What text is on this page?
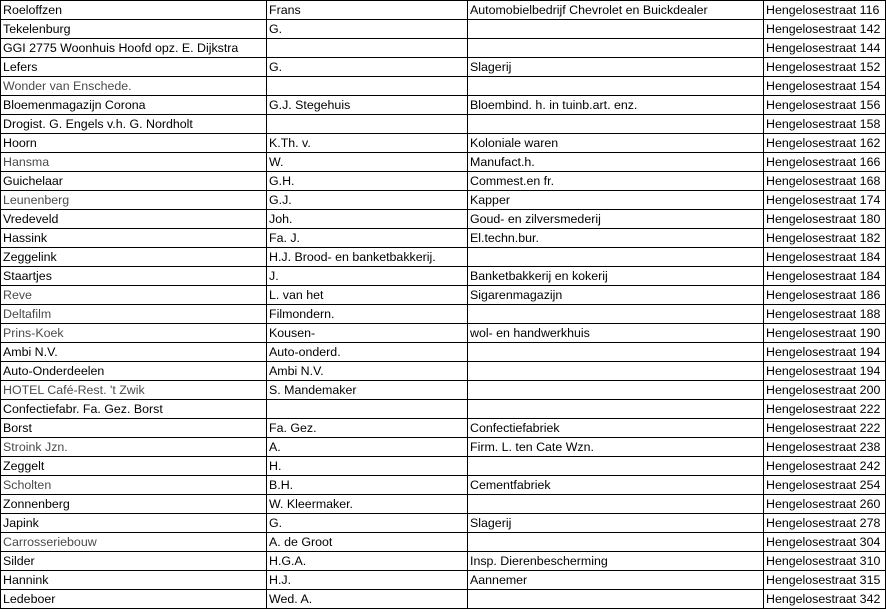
Roeloffzen	Frans	Automobielbedrijf Chevrolet en Buickdealer	Hengelosestraat 116
Tekelenburg	G.		Hengelosestraat 142
GGI 2775 Woonhuis Hoofd opz. E. Dijkstra			Hengelosestraat 144
Lefers	G.	Slagerij	Hengelosestraat 152
Wonder van Enschede.			Hengelosestraat 154
Bloemenmagazijn Corona	G.J. Stegehuis	Bloembind. h. in tuinb.art. enz.	Hengelosestraat 156
Drogist. G. Engels v.h. G. Nordholt			Hengelosestraat 158
Hoorn	K.Th. v.	Koloniale waren	Hengelosestraat 162
Hansma	W.	Manufact.h.	Hengelosestraat 166
Guichelaar	G.H.	Commest.en fr.	Hengelosestraat 168
Leunenberg	G.J.	Kapper	Hengelosestraat 174
Vredeveld	Joh.	Goud- en zilversmederij	Hengelosestraat 180
Hassink	Fa. J.	El.techn.bur.	Hengelosestraat 182
Zeggelink	H.J. Brood- en banketbakkerij.		Hengelosestraat 184
Staartjes	J.	Banketbakkerij en kokerij	Hengelosestraat 184
Reve	L. van het	Sigarenmagazijn	Hengelosestraat 186
Deltafilm	Filmondern.		Hengelosestraat 188
Prins-Koek	Kousen-	wol- en handwerkhuis	Hengelosestraat 190
Ambi N.V.	Auto-onderd.		Hengelosestraat 194
Auto-Onderdeelen	Ambi N.V.		Hengelosestraat 194
HOTEL Café-Rest. 't Zwik	S. Mandemaker		Hengelosestraat 200
Confectiefabr. Fa. Gez. Borst			Hengelosestraat 222
Borst	Fa. Gez.	Confectiefabriek	Hengelosestraat 222
Stroink Jzn.	A.	Firm. L. ten Cate Wzn.	Hengelosestraat 238
Zeggelt	H.		Hengelosestraat 242
Scholten	B.H.	Cementfabriek	Hengelosestraat 254
Zonnenberg	W. Kleermaker.		Hengelosestraat 260
Japink	G.	Slagerij	Hengelosestraat 278
Carrosseriebouw	A. de Groot		Hengelosestraat 304
Silder	H.G.A.	Insp. Dierenbescherming	Hengelosestraat 310
Hannink	H.J.	Aannemer	Hengelosestraat 315
Ledeboer	Wed. A.		Hengelosestraat 342
